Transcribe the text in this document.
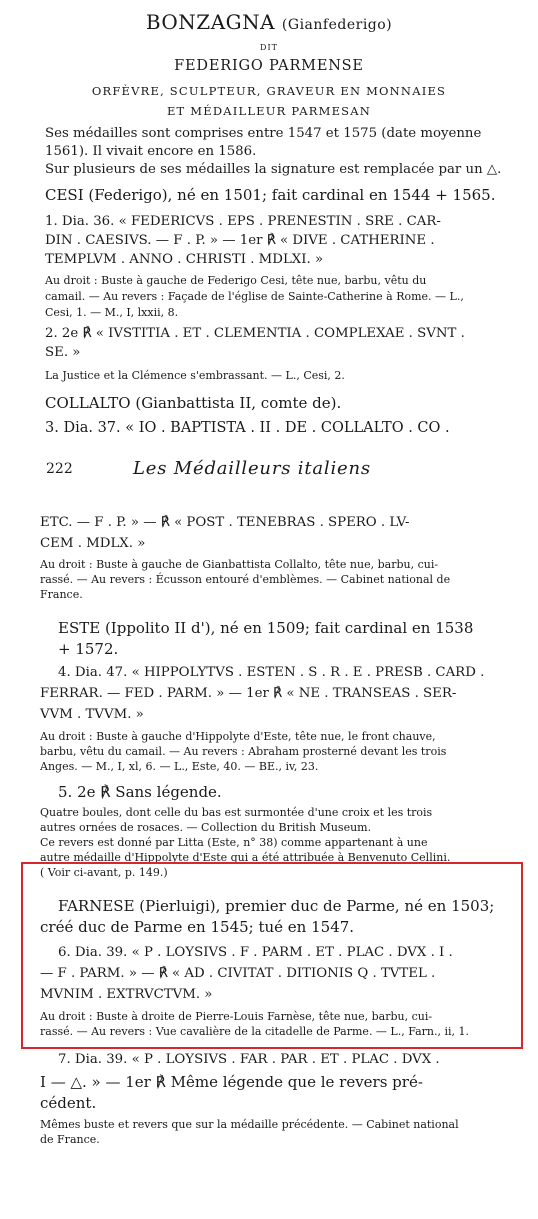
BONZAGNA (Gianfederigo)
DIT
FEDERIGO PARMENSE
ORFÈVRE, SCULPTEUR, GRAVEUR EN MONNAIES
ET MÉDAILLEUR PARMESAN
Ses médailles sont comprises entre 1547 et 1575 (date moyenne
1561). Il vivait encore en 1586.
Sur plusieurs de ses médailles la signature est remplacée par un △.
CESI (Federigo), né en 1501; fait cardinal en 1544 + 1565.
1. Dia. 36. « FEDERICVS . EPS . PRENESTIN . SRE . CAR-
DIN . CAESIVS. — F . P. » — 1er ℟ « DIVE . CATHERINE .
TEMPLVM . ANNO . CHRISTI . MDLXI. »
Au droit : Buste à gauche de Federigo Cesi, tête nue, barbu, vêtu du
camail. — Au revers : Façade de l'église de Sainte-Catherine à Rome. — L.,
Cesi, 1. — M., I, lxxii, 8.
2. 2e ℟ « IVSTITIA . ET . CLEMENTIA . COMPLEXAE . SVNT .
SE. »
La Justice et la Clémence s'embrassant. — L., Cesi, 2.
COLLALTO (Gianbattista II, comte de).
3. Dia. 37. « IO . BAPTISTA . II . DE . COLLALTO . CO .
222	Les Médailleurs italiens
ETC. — F . P. » — ℟ « POST . TENEBRAS . SPERO . LV-
CEM . MDLX. »
Au droit : Buste à gauche de Gianbattista Collalto, tête nue, barbu, cui-
rassé. — Au revers : Écusson entouré d'emblèmes. — Cabinet national de
France.
ESTE (Ippolito II d'), né en 1509; fait cardinal en 1538
+ 1572.
4. Dia. 47. « HIPPOLYTVS . ESTEN . S . R . E . PRESB . CARD .
FERRAR. — FED . PARM. » — 1er ℟ « NE . TRANSEAS . SER-
VVM . TVVM. »
Au droit : Buste à gauche d'Hippolyte d'Este, tête nue, le front chauve,
barbu, vêtu du camail. — Au revers : Abraham prosterné devant les trois
Anges. — M., I, xl, 6. — L., Este, 40. — BE., iv, 23.
5. 2e ℟ Sans légende.
Quatre boules, dont celle du bas est surmontée d'une croix et les trois
autres ornées de rosaces. — Collection du British Museum.
Ce revers est donné par Litta (Este, n° 38) comme appartenant à une
autre médaille d'Hippolyte d'Este qui a été attribuée à Benvenuto Cellini.
( Voir ci-avant, p. 149.)
FARNESE (Pierluigi), premier duc de Parme, né en 1503;
créé duc de Parme en 1545; tué en 1547.
6. Dia. 39. « P . LOYSIVS . F . PARM . ET . PLAC . DVX . I .
— F . PARM. » — ℟ « AD . CIVITAT . DITIONIS Q . TVTEL .
MVNIM . EXTRVCTVM. »
Au droit : Buste à droite de Pierre-Louis Farnèse, tête nue, barbu, cui-
rassé. — Au revers : Vue cavalière de la citadelle de Parme. — L., Farn., ii, 1.
7. Dia. 39. « P . LOYSIVS . FAR . PAR . ET . PLAC . DVX .
I — △. » — 1er ℟ Même légende que le revers pré-
cédent.
Mêmes buste et revers que sur la médaille précédente. — Cabinet national
de France.
